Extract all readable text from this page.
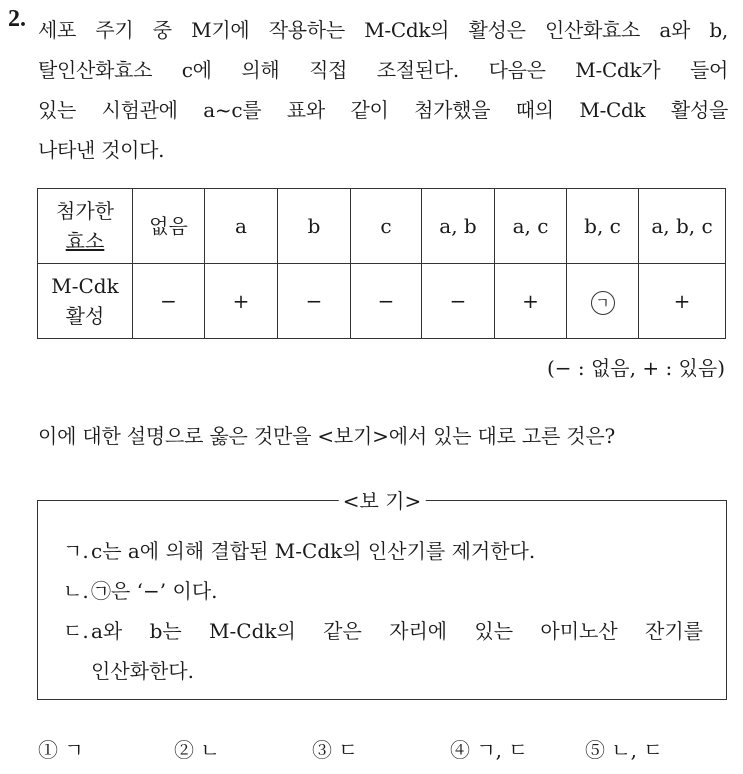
2. 세포 주기 중 M기에 작용하는 M-Cdk의 활성은 인산화효소 a와 b,
탈인산화효소 c에 의해 직접 조절된다. 다음은 M-Cdk가 들어
있는 시험관에 a~c를 표와 같이 첨가했을 때의 M-Cdk 활성을
나타낸 것이다.
첨가한
효소	없음	a	b	c	a, b	a, c	b, c	a, b, c

M-Cdk
활성	−	+	−	−	−	+	ㄱ	+
(− : 없음, + : 있음)
이에 대한 설명으로 옳은 것만을 <보기>에서 있는 대로 고른 것은?
<보 기>
ㄱ. c는 a에 의해 결합된 M-Cdk의 인산기를 제거한다.
ㄴ. ㉠은 ‘−’ 이다.
ㄷ. a와 b는 M-Cdk의 같은 자리에 있는 아미노산 잔기를
인산화한다.
① ㄱ	② ㄴ	③ ㄷ	④ ㄱ, ㄷ	⑤ ㄴ, ㄷ
